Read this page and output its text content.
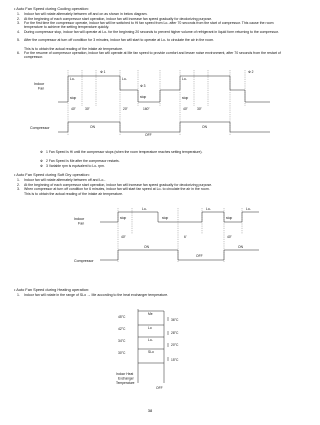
• Auto Fan Speed during Cooling operation:
1. Indoor fan will rotate alternately between off and on as shown in below diagram.
2. At the beginning of each compressor start operation, indoor fan will increase fan speed gradually for deodorizing purpose.
3. For the first time the compressor operate, indoor fan will be switched to Hi fan speed from Lo- after 70 seconds from the start of compressor. This cause the room temperature to achieve the setting temperature quickly.
4. During compressor stop, indoor fan will operate at Lo- for the beginning 20 seconds to prevent higher volume of refrigerant in liquid form returning to the compressor.
5. After the compressor at turn off condition for 3 minutes, indoor fan will start to operate at Lo- to circulate the air in the room.
This is to obtain the actual reading of the intake air temperature.
6. For the resume of compressor operation, indoor fan will operate at Me fan speed to provide comfort and lesser noise environment, after 70 seconds from the restart of compressor.
Indoor
Fan
Compressor
Lo-	Lo-	Lo-
※ 1	※ 2
※ 3
stop
stop	stop
40"	30"	20"	160"	40"	30"
ON
OFF
ON
※ 1 Fan Speed is Hi until the compressor stops (when the room temperature reaches setting temperature).
※ 2 Fan Speed is Me after the compressor restarts.
※ 3 Variable rpm is equivalent to Lo- rpm.
• Auto Fan Speed during Soft Dry operation:
1. Indoor fan will rotate alternately between off and Lo-.
2. At the beginning of each compressor start operation, indoor fan will increase fan speed gradually for deodorizing purpose.
3. When compressor at turn off condition for 6 minutes, indoor fan will start fan speed at Lo- to circulate the air in the room.
This is to obtain the actual reading of the intake air temperature.
Indoor
Fan
Compressor
Lo-	Lo-	Lo-
stop	stop	stop
40"	6'	40"
ON	ON
OFF
• Auto Fan Speed during Heating operation:
1. Indoor fan will rotate in the range of SLo → Me according to the heat exchanger temperature.
45°C
42°C
34°C
30°C
Me
Lo
Lo-
SLo
36°C
28°C
20°C
15°C
Indoor Heat
Exchanger
Temperature
OFF
38
